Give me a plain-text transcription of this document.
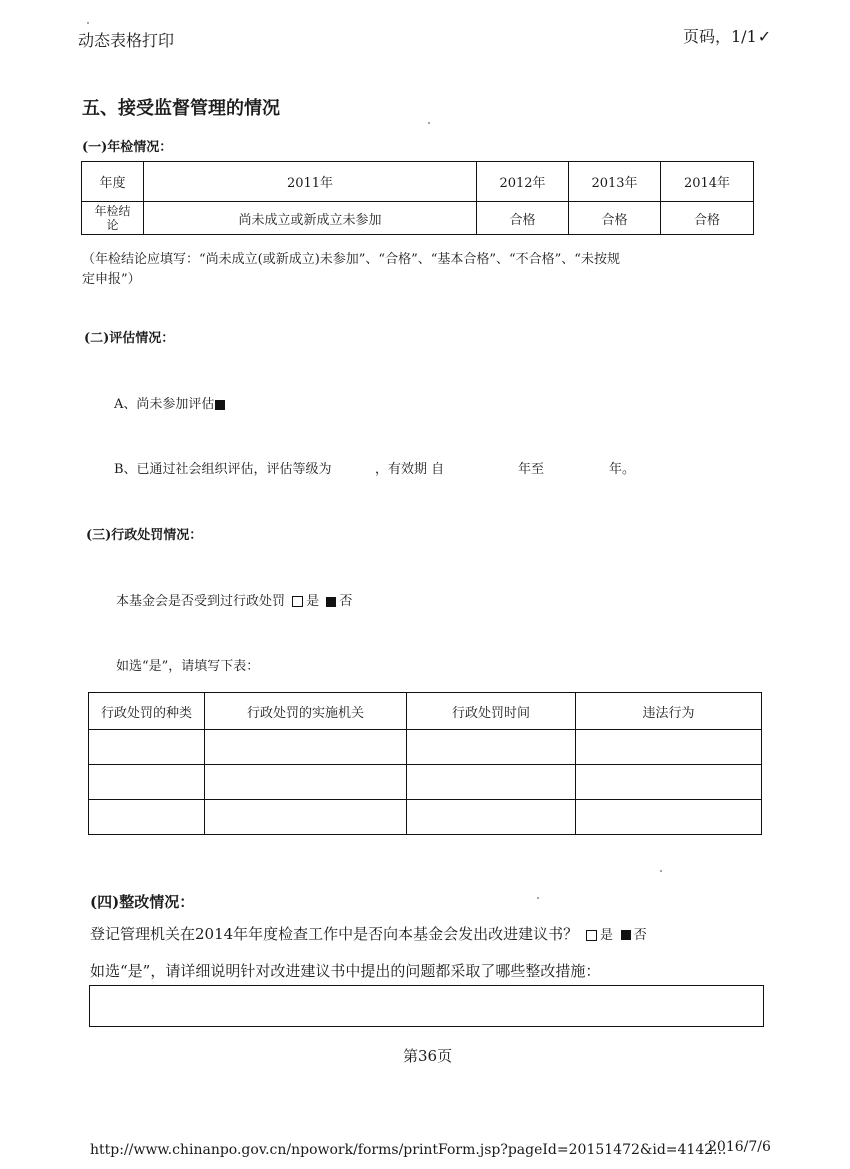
动态表格打印	页码，1/1✓
五、接受监督管理的情况
(一)年检情况：
年度	2011年	2012年	2013年	2014年
年检结论	尚未成立或新成立未参加	合格	合格	合格
（年检结论应填写：“尚未成立(或新成立)未参加”、“合格”、“基本合格”、“不合格”、“未按规
定申报”）
(二)评估情况：
A、尚未参加评估
B、已通过社会组织评估，评估等级为	，有效期 自	年至	年。
(三)行政处罚情况：
本基金会是否受到过行政处罚 是 否
如选“是”，请填写下表：
行政处罚的种类	行政处罚的实施机关	行政处罚时间	违法行为

(四)整改情况：
登记管理机关在2014年年度检查工作中是否向本基金会发出改进建议书？ 是 否
如选“是”，请详细说明针对改进建议书中提出的问题都采取了哪些整改措施：
第36页
http://www.chinanpo.gov.cn/npowork/forms/printForm.jsp?pageId=20151472&id=4142...
2016/7/6
